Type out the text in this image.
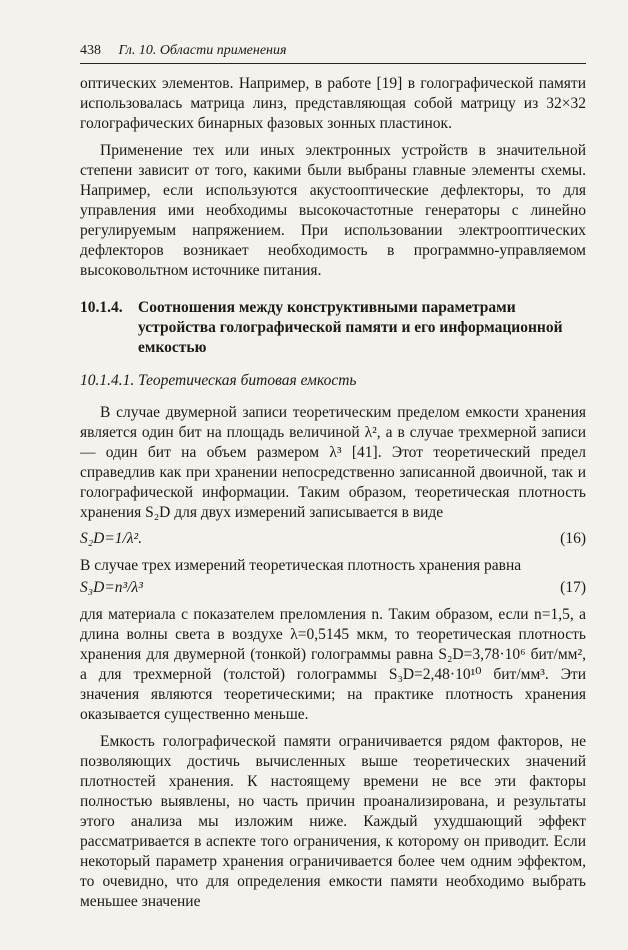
438 Гл. 10. Области применения

оптических элементов. Например, в работе [19] в голографической памяти использовалась матрица линз, представляющая собой матрицу из 32×32 голографических бинарных фазовых зонных пластинок.

Применение тех или иных электронных устройств в значительной степени зависит от того, какими были выбраны главные элементы схемы. Например, если используются акустооптические дефлекторы, то для управления ими необходимы высокочастотные генераторы с линейно регулируемым напряжением. При использовании электрооптических дефлекторов возникает необходимость в программно-управляемом высоковольтном источнике питания.

10.1.4. Соотношения между конструктивными параметрами устройства голографической памяти и его информационной емкостью
10.1.4.1. Теоретическая битовая емкость

В случае двумерной записи теоретическим пределом емкости хранения является один бит на площадь величиной λ², а в случае трехмерной записи — один бит на объем размером λ³ [41]. Этот теоретический предел справедлив как при хранении непосредственно записанной двоичной, так и голографической информации. Таким образом, теоретическая плотность хранения S₂D для двух измерений записывается в виде

S₂D=1/λ².	(16)

В случае трех измерений теоретическая плотность хранения равна

S₃D=n³/λ³	(17)

для материала с показателем преломления n. Таким образом, если n=1,5, а длина волны света в воздухе λ=0,5145 мкм, то теоретическая плотность хранения для двумерной (тонкой) голограммы равна S₂D=3,78·10⁶ бит/мм², а для трехмерной (толстой) голограммы S₃D=2,48·10¹⁰ бит/мм³. Эти значения являются теоретическими; на практике плотность хранения оказывается существенно меньше.

Емкость голографической памяти ограничивается рядом факторов, не позволяющих достичь вычисленных выше теоретических значений плотностей хранения. К настоящему времени не все эти факторы полностью выявлены, но часть причин проанализирована, и результаты этого анализа мы изложим ниже. Каждый ухудшающий эффект рассматривается в аспекте того ограничения, к которому он приводит. Если некоторый параметр хранения ограничивается более чем одним эффектом, то очевидно, что для определения емкости памяти необходимо выбрать меньшее значение
